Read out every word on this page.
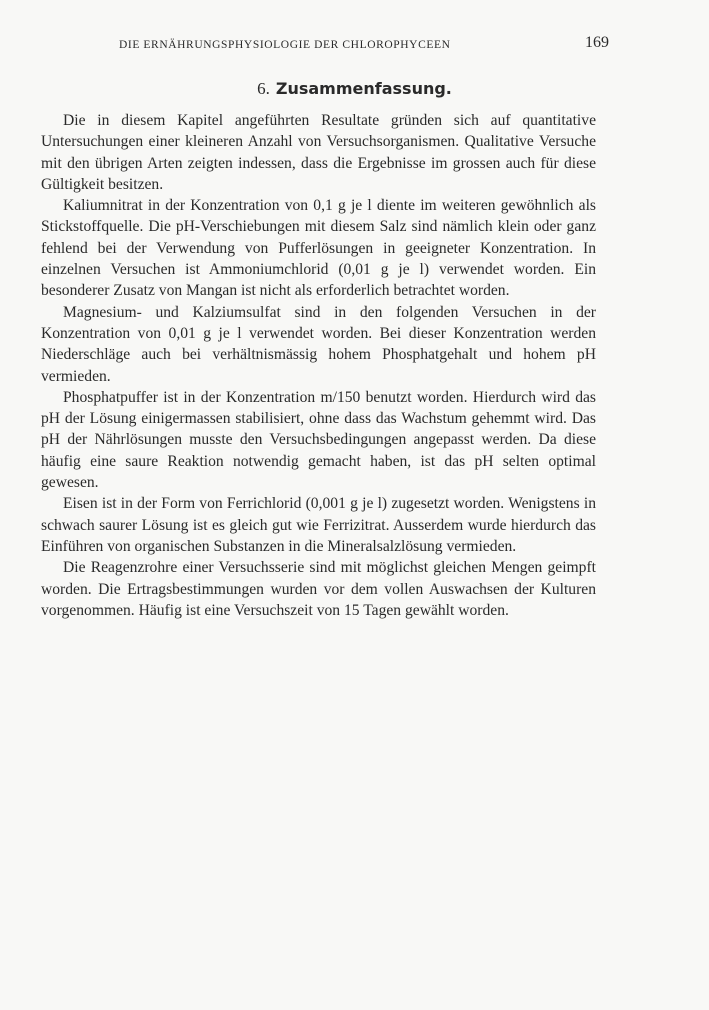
DIE ERNÄHRUNGSPHYSIOLOGIE DER CHLOROPHYCEEN	169
6. Zusammenfassung.

Die in diesem Kapitel angeführten Resultate gründen sich auf quantitative Untersuchungen einer kleineren Anzahl von Versuchsorganismen. Qualitative Versuche mit den übrigen Arten zeigten indessen, dass die Ergebnisse im grossen auch für diese Gültigkeit besitzen.

Kaliumnitrat in der Konzentration von 0,1 g je l diente im weiteren gewöhnlich als Stickstoffquelle. Die pH-Verschiebungen mit diesem Salz sind nämlich klein oder ganz fehlend bei der Verwendung von Pufferlösungen in geeigneter Konzentration. In einzelnen Versuchen ist Ammoniumchlorid (0,01 g je l) verwendet worden. Ein besonderer Zusatz von Mangan ist nicht als erforderlich betrachtet worden.

Magnesium- und Kalziumsulfat sind in den folgenden Versuchen in der Konzentration von 0,01 g je l verwendet worden. Bei dieser Konzentration werden Niederschläge auch bei verhältnismässig hohem Phosphatgehalt und hohem pH vermieden.

Phosphatpuffer ist in der Konzentration m/150 benutzt worden. Hierdurch wird das pH der Lösung einigermassen stabilisiert, ohne dass das Wachstum gehemmt wird. Das pH der Nährlösungen musste den Versuchsbedingungen angepasst werden. Da diese häufig eine saure Reaktion notwendig gemacht haben, ist das pH selten optimal gewesen.

Eisen ist in der Form von Ferrichlorid (0,001 g je l) zugesetzt worden. Wenigstens in schwach saurer Lösung ist es gleich gut wie Ferrizitrat. Ausserdem wurde hierdurch das Einführen von organischen Substanzen in die Mineralsalzlösung vermieden.

Die Reagenzrohre einer Versuchsserie sind mit möglichst gleichen Mengen geimpft worden. Die Ertragsbestimmungen wurden vor dem vollen Auswachsen der Kulturen vorgenommen. Häufig ist eine Versuchszeit von 15 Tagen gewählt worden.
